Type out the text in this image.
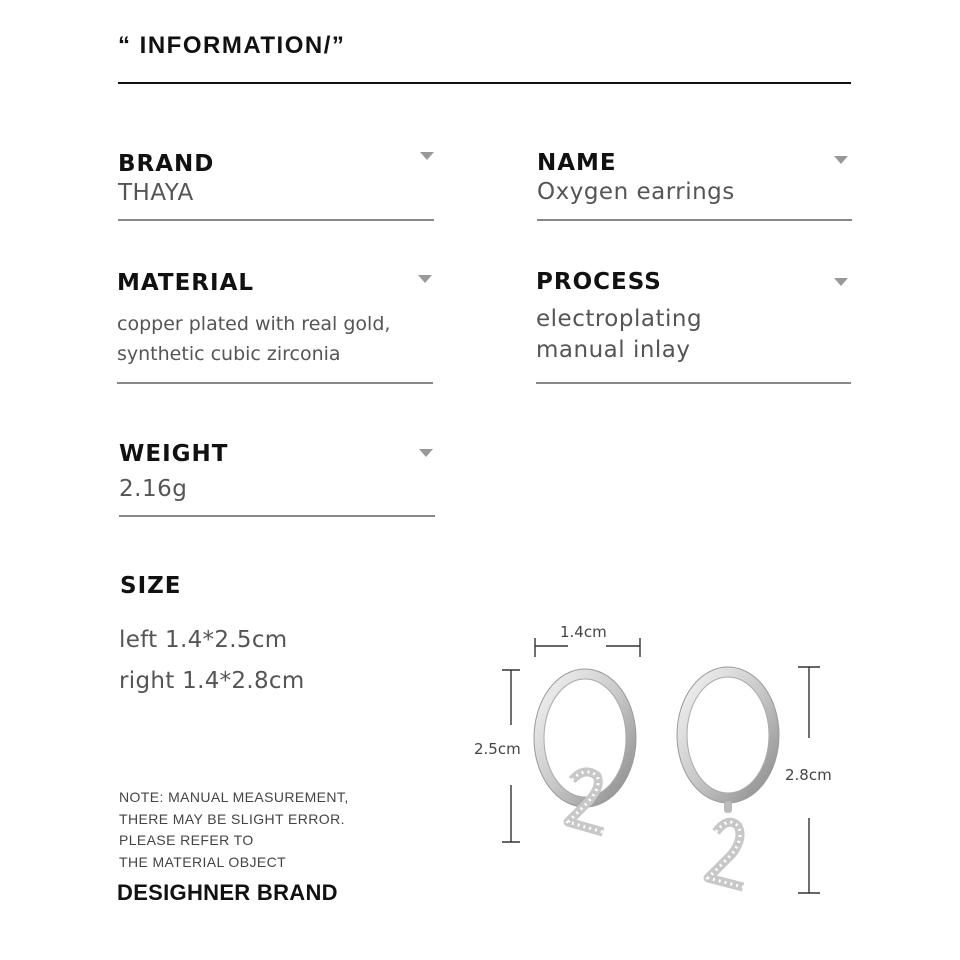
“ INFORMATION/”
BRAND
THAYA
NAME
Oxygen earrings
MATERIAL
copper plated with real gold,
synthetic cubic zirconia
PROCESS
electroplating
manual inlay
WEIGHT
2.16g
SIZE
left 1.4*2.5cm
right 1.4*2.8cm
NOTE: MANUAL MEASUREMENT,
THERE MAY BE SLIGHT ERROR.
PLEASE REFER TO
THE MATERIAL OBJECT
DESIGHNER BRAND
1.4cm
2.5cm
2.8cm
